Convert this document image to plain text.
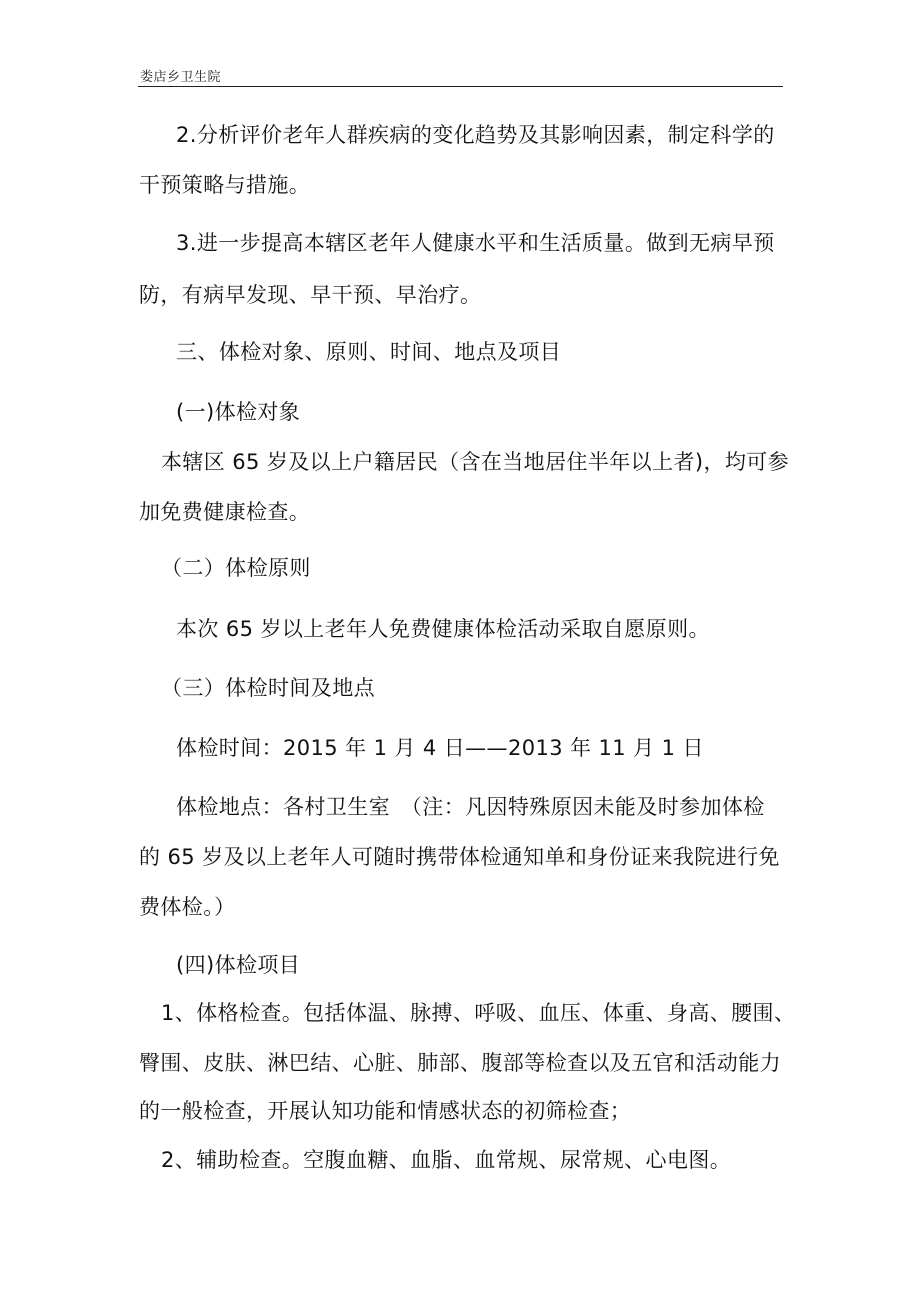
娄店乡卫生院
2.分析评价老年人群疾病的变化趋势及其影响因素，制定科学的
干预策略与措施。
3.进一步提高本辖区老年人健康水平和生活质量。做到无病早预
防，有病早发现、早干预、早治疗。
三、体检对象、原则、时间、地点及项目
(一)体检对象
本辖区 65 岁及以上户籍居民（含在当地居住半年以上者)，均可参
加免费健康检查。
（二）体检原则
本次 65 岁以上老年人免费健康体检活动采取自愿原则。
（三）体检时间及地点
体检时间：2015 年 1 月 4 日——2013 年 11 月 1 日
体检地点：各村卫生室　（注：凡因特殊原因未能及时参加体检
的 65 岁及以上老年人可随时携带体检通知单和身份证来我院进行免
费体检。）
(四)体检项目
1、体格检查。包括体温、脉搏、呼吸、血压、体重、身高、腰围、
臀围、皮肤、淋巴结、心脏、肺部、腹部等检查以及五官和活动能力
的一般检查，开展认知功能和情感状态的初筛检查；
2、辅助检查。空腹血糖、血脂、血常规、尿常规、心电图。
